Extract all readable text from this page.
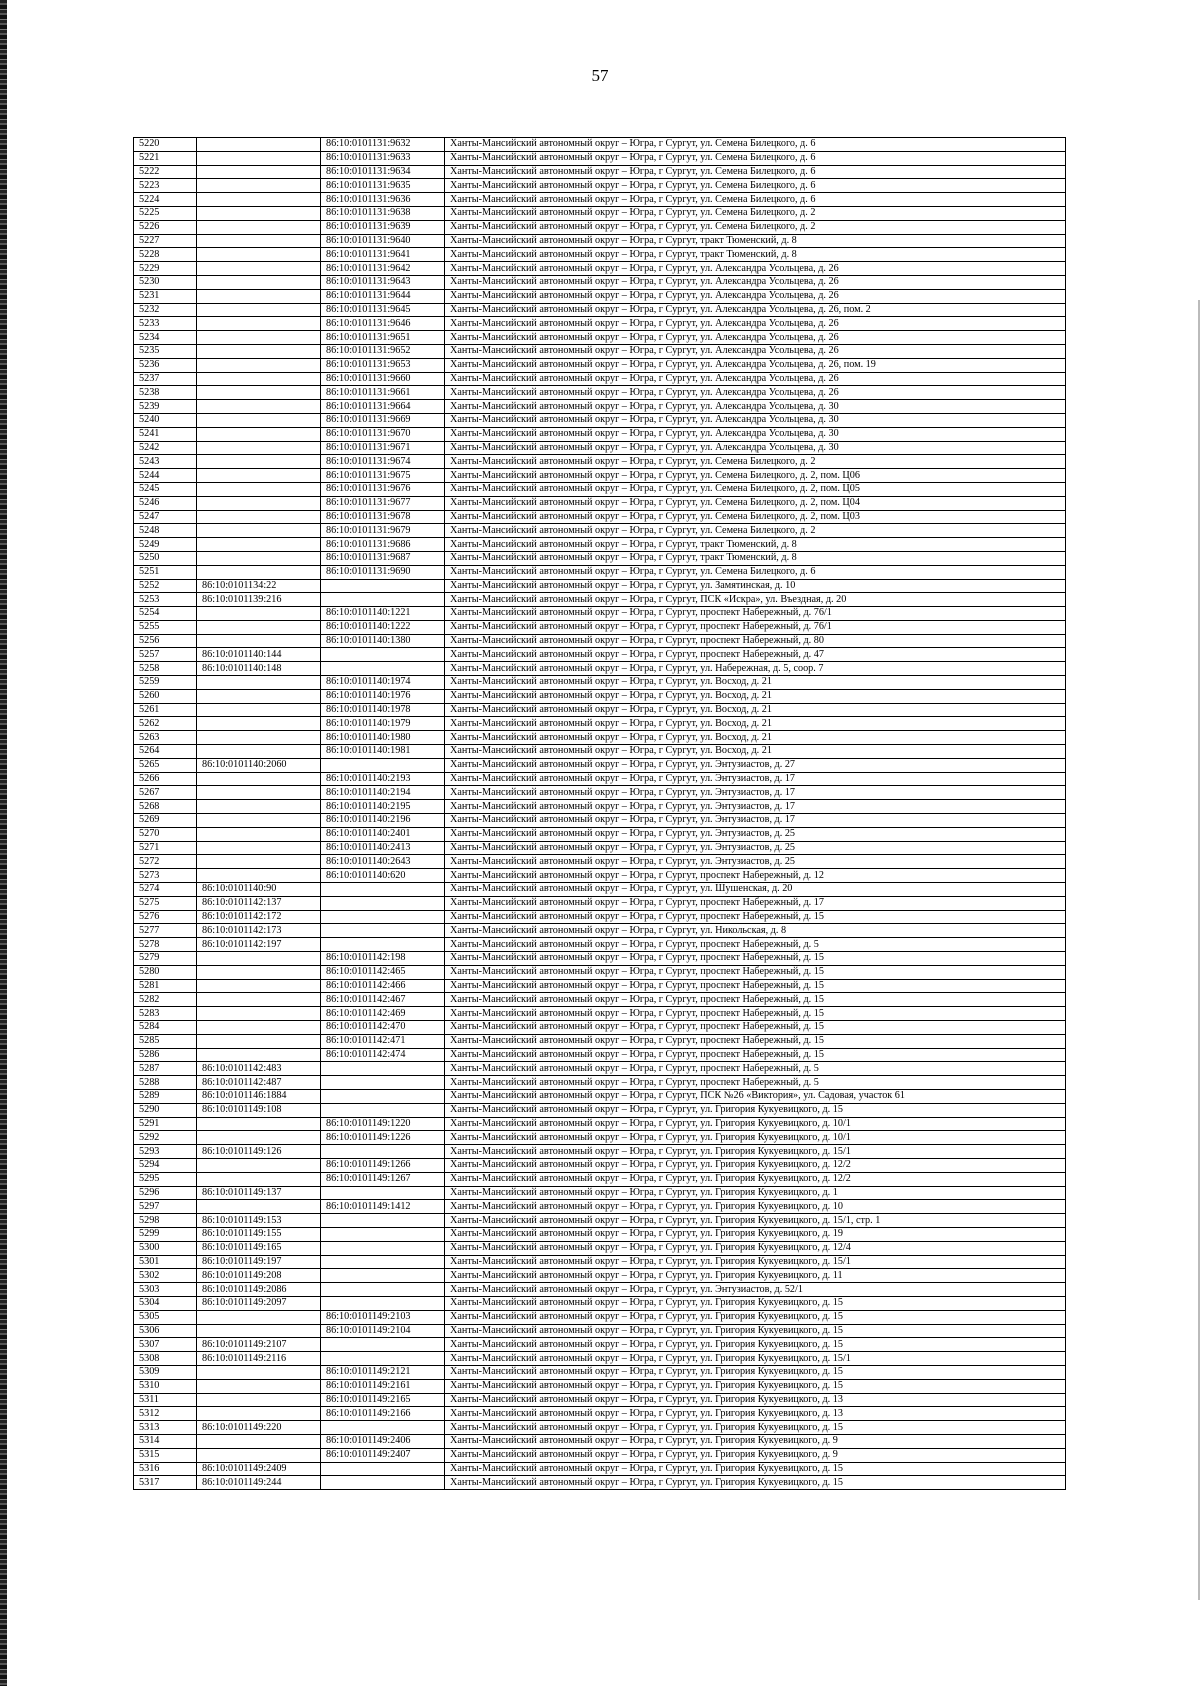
57
5220		86:10:0101131:9632	Ханты-Мансийский автономный округ – Югра, г Сургут, ул. Семена Билецкого, д. 6
5221		86:10:0101131:9633	Ханты-Мансийский автономный округ – Югра, г Сургут, ул. Семена Билецкого, д. 6
5222		86:10:0101131:9634	Ханты-Мансийский автономный округ – Югра, г Сургут, ул. Семена Билецкого, д. 6
5223		86:10:0101131:9635	Ханты-Мансийский автономный округ – Югра, г Сургут, ул. Семена Билецкого, д. 6
5224		86:10:0101131:9636	Ханты-Мансийский автономный округ – Югра, г Сургут, ул. Семена Билецкого, д. 6
5225		86:10:0101131:9638	Ханты-Мансийский автономный округ – Югра, г Сургут, ул. Семена Билецкого, д. 2
5226		86:10:0101131:9639	Ханты-Мансийский автономный округ – Югра, г Сургут, ул. Семена Билецкого, д. 2
5227		86:10:0101131:9640	Ханты-Мансийский автономный округ – Югра, г Сургут, тракт Тюменский, д. 8
5228		86:10:0101131:9641	Ханты-Мансийский автономный округ – Югра, г Сургут, тракт Тюменский, д. 8
5229		86:10:0101131:9642	Ханты-Мансийский автономный округ – Югра, г Сургут, ул. Александра Усольцева, д. 26
5230		86:10:0101131:9643	Ханты-Мансийский автономный округ – Югра, г Сургут, ул. Александра Усольцева, д. 26
5231		86:10:0101131:9644	Ханты-Мансийский автономный округ – Югра, г Сургут, ул. Александра Усольцева, д. 26
5232		86:10:0101131:9645	Ханты-Мансийский автономный округ – Югра, г Сургут, ул. Александра Усольцева, д. 26, пом. 2
5233		86:10:0101131:9646	Ханты-Мансийский автономный округ – Югра, г Сургут, ул. Александра Усольцева, д. 26
5234		86:10:0101131:9651	Ханты-Мансийский автономный округ – Югра, г Сургут, ул. Александра Усольцева, д. 26
5235		86:10:0101131:9652	Ханты-Мансийский автономный округ – Югра, г Сургут, ул. Александра Усольцева, д. 26
5236		86:10:0101131:9653	Ханты-Мансийский автономный округ – Югра, г Сургут, ул. Александра Усольцева, д. 26, пом. 19
5237		86:10:0101131:9660	Ханты-Мансийский автономный округ – Югра, г Сургут, ул. Александра Усольцева, д. 26
5238		86:10:0101131:9661	Ханты-Мансийский автономный округ – Югра, г Сургут, ул. Александра Усольцева, д. 26
5239		86:10:0101131:9664	Ханты-Мансийский автономный округ – Югра, г Сургут, ул. Александра Усольцева, д. 30
5240		86:10:0101131:9669	Ханты-Мансийский автономный округ – Югра, г Сургут, ул. Александра Усольцева, д. 30
5241		86:10:0101131:9670	Ханты-Мансийский автономный округ – Югра, г Сургут, ул. Александра Усольцева, д. 30
5242		86:10:0101131:9671	Ханты-Мансийский автономный округ – Югра, г Сургут, ул. Александра Усольцева, д. 30
5243		86:10:0101131:9674	Ханты-Мансийский автономный округ – Югра, г Сургут, ул. Семена Билецкого, д. 2
5244		86:10:0101131:9675	Ханты-Мансийский автономный округ – Югра, г Сургут, ул. Семена Билецкого, д. 2, пом. Ц06
5245		86:10:0101131:9676	Ханты-Мансийский автономный округ – Югра, г Сургут, ул. Семена Билецкого, д. 2, пом. Ц05
5246		86:10:0101131:9677	Ханты-Мансийский автономный округ – Югра, г Сургут, ул. Семена Билецкого, д. 2, пом. Ц04
5247		86:10:0101131:9678	Ханты-Мансийский автономный округ – Югра, г Сургут, ул. Семена Билецкого, д. 2, пом. Ц03
5248		86:10:0101131:9679	Ханты-Мансийский автономный округ – Югра, г Сургут, ул. Семена Билецкого, д. 2
5249		86:10:0101131:9686	Ханты-Мансийский автономный округ – Югра, г Сургут, тракт Тюменский, д. 8
5250		86:10:0101131:9687	Ханты-Мансийский автономный округ – Югра, г Сургут, тракт Тюменский, д. 8
5251		86:10:0101131:9690	Ханты-Мансийский автономный округ – Югра, г Сургут, ул. Семена Билецкого, д. 6
5252	86:10:0101134:22		Ханты-Мансийский автономный округ – Югра, г Сургут, ул. Замятинская, д. 10
5253	86:10:0101139:216		Ханты-Мансийский автономный округ – Югра, г Сургут, ПСК «Искра», ул. Въездная, д. 20
5254		86:10:0101140:1221	Ханты-Мансийский автономный округ – Югра, г Сургут, проспект Набережный, д. 76/1
5255		86:10:0101140:1222	Ханты-Мансийский автономный округ – Югра, г Сургут, проспект Набережный, д. 76/1
5256		86:10:0101140:1380	Ханты-Мансийский автономный округ – Югра, г Сургут, проспект Набережный, д. 80
5257	86:10:0101140:144		Ханты-Мансийский автономный округ – Югра, г Сургут, проспект Набережный, д. 47
5258	86:10:0101140:148		Ханты-Мансийский автономный округ – Югра, г Сургут, ул. Набережная, д. 5, соор. 7
5259		86:10:0101140:1974	Ханты-Мансийский автономный округ – Югра, г Сургут, ул. Восход, д. 21
5260		86:10:0101140:1976	Ханты-Мансийский автономный округ – Югра, г Сургут, ул. Восход, д. 21
5261		86:10:0101140:1978	Ханты-Мансийский автономный округ – Югра, г Сургут, ул. Восход, д. 21
5262		86:10:0101140:1979	Ханты-Мансийский автономный округ – Югра, г Сургут, ул. Восход, д. 21
5263		86:10:0101140:1980	Ханты-Мансийский автономный округ – Югра, г Сургут, ул. Восход, д. 21
5264		86:10:0101140:1981	Ханты-Мансийский автономный округ – Югра, г Сургут, ул. Восход, д. 21
5265	86:10:0101140:2060		Ханты-Мансийский автономный округ – Югра, г Сургут, ул. Энтузиастов, д. 27
5266		86:10:0101140:2193	Ханты-Мансийский автономный округ – Югра, г Сургут, ул. Энтузиастов, д. 17
5267		86:10:0101140:2194	Ханты-Мансийский автономный округ – Югра, г Сургут, ул. Энтузиастов, д. 17
5268		86:10:0101140:2195	Ханты-Мансийский автономный округ – Югра, г Сургут, ул. Энтузиастов, д. 17
5269		86:10:0101140:2196	Ханты-Мансийский автономный округ – Югра, г Сургут, ул. Энтузиастов, д. 17
5270		86:10:0101140:2401	Ханты-Мансийский автономный округ – Югра, г Сургут, ул. Энтузиастов, д. 25
5271		86:10:0101140:2413	Ханты-Мансийский автономный округ – Югра, г Сургут, ул. Энтузиастов, д. 25
5272		86:10:0101140:2643	Ханты-Мансийский автономный округ – Югра, г Сургут, ул. Энтузиастов, д. 25
5273		86:10:0101140:620	Ханты-Мансийский автономный округ – Югра, г Сургут, проспект Набережный, д. 12
5274	86:10:0101140:90		Ханты-Мансийский автономный округ – Югра, г Сургут, ул. Шушенская, д. 20
5275	86:10:0101142:137		Ханты-Мансийский автономный округ – Югра, г Сургут, проспект Набережный, д. 17
5276	86:10:0101142:172		Ханты-Мансийский автономный округ – Югра, г Сургут, проспект Набережный, д. 15
5277	86:10:0101142:173		Ханты-Мансийский автономный округ – Югра, г Сургут, ул. Никольская, д. 8
5278	86:10:0101142:197		Ханты-Мансийский автономный округ – Югра, г Сургут, проспект Набережный, д. 5
5279		86:10:0101142:198	Ханты-Мансийский автономный округ – Югра, г Сургут, проспект Набережный, д. 15
5280		86:10:0101142:465	Ханты-Мансийский автономный округ – Югра, г Сургут, проспект Набережный, д. 15
5281		86:10:0101142:466	Ханты-Мансийский автономный округ – Югра, г Сургут, проспект Набережный, д. 15
5282		86:10:0101142:467	Ханты-Мансийский автономный округ – Югра, г Сургут, проспект Набережный, д. 15
5283		86:10:0101142:469	Ханты-Мансийский автономный округ – Югра, г Сургут, проспект Набережный, д. 15
5284		86:10:0101142:470	Ханты-Мансийский автономный округ – Югра, г Сургут, проспект Набережный, д. 15
5285		86:10:0101142:471	Ханты-Мансийский автономный округ – Югра, г Сургут, проспект Набережный, д. 15
5286		86:10:0101142:474	Ханты-Мансийский автономный округ – Югра, г Сургут, проспект Набережный, д. 15
5287	86:10:0101142:483		Ханты-Мансийский автономный округ – Югра, г Сургут, проспект Набережный, д. 5
5288	86:10:0101142:487		Ханты-Мансийский автономный округ – Югра, г Сургут, проспект Набережный, д. 5
5289	86:10:0101146:1884		Ханты-Мансийский автономный округ – Югра, г Сургут, ПСК №26 «Виктория», ул. Садовая, участок 61
5290	86:10:0101149:108		Ханты-Мансийский автономный округ – Югра, г Сургут, ул. Григория Кукуевицкого, д. 15
5291		86:10:0101149:1220	Ханты-Мансийский автономный округ – Югра, г Сургут, ул. Григория Кукуевицкого, д. 10/1
5292		86:10:0101149:1226	Ханты-Мансийский автономный округ – Югра, г Сургут, ул. Григория Кукуевицкого, д. 10/1
5293	86:10:0101149:126		Ханты-Мансийский автономный округ – Югра, г Сургут, ул. Григория Кукуевицкого, д. 15/1
5294		86:10:0101149:1266	Ханты-Мансийский автономный округ – Югра, г Сургут, ул. Григория Кукуевицкого, д. 12/2
5295		86:10:0101149:1267	Ханты-Мансийский автономный округ – Югра, г Сургут, ул. Григория Кукуевицкого, д. 12/2
5296	86:10:0101149:137		Ханты-Мансийский автономный округ – Югра, г Сургут, ул. Григория Кукуевицкого, д. 1
5297		86:10:0101149:1412	Ханты-Мансийский автономный округ – Югра, г Сургут, ул. Григория Кукуевицкого, д. 10
5298	86:10:0101149:153		Ханты-Мансийский автономный округ – Югра, г Сургут, ул. Григория Кукуевицкого, д. 15/1, стр. 1
5299	86:10:0101149:155		Ханты-Мансийский автономный округ – Югра, г Сургут, ул. Григория Кукуевицкого, д. 19
5300	86:10:0101149:165		Ханты-Мансийский автономный округ – Югра, г Сургут, ул. Григория Кукуевицкого, д. 12/4
5301	86:10:0101149:197		Ханты-Мансийский автономный округ – Югра, г Сургут, ул. Григория Кукуевицкого, д. 15/1
5302	86:10:0101149:208		Ханты-Мансийский автономный округ – Югра, г Сургут, ул. Григория Кукуевицкого, д. 11
5303	86:10:0101149:2086		Ханты-Мансийский автономный округ – Югра, г Сургут, ул. Энтузиастов, д. 52/1
5304	86:10:0101149:2097		Ханты-Мансийский автономный округ – Югра, г Сургут, ул. Григория Кукуевицкого, д. 15
5305		86:10:0101149:2103	Ханты-Мансийский автономный округ – Югра, г Сургут, ул. Григория Кукуевицкого, д. 15
5306		86:10:0101149:2104	Ханты-Мансийский автономный округ – Югра, г Сургут, ул. Григория Кукуевицкого, д. 15
5307	86:10:0101149:2107		Ханты-Мансийский автономный округ – Югра, г Сургут, ул. Григория Кукуевицкого, д. 15
5308	86:10:0101149:2116		Ханты-Мансийский автономный округ – Югра, г Сургут, ул. Григория Кукуевицкого, д. 15/1
5309		86:10:0101149:2121	Ханты-Мансийский автономный округ – Югра, г Сургут, ул. Григория Кукуевицкого, д. 15
5310		86:10:0101149:2161	Ханты-Мансийский автономный округ – Югра, г Сургут, ул. Григория Кукуевицкого, д. 15
5311		86:10:0101149:2165	Ханты-Мансийский автономный округ – Югра, г Сургут, ул. Григория Кукуевицкого, д. 13
5312		86:10:0101149:2166	Ханты-Мансийский автономный округ – Югра, г Сургут, ул. Григория Кукуевицкого, д. 13
5313	86:10:0101149:220		Ханты-Мансийский автономный округ – Югра, г Сургут, ул. Григория Кукуевицкого, д. 15
5314		86:10:0101149:2406	Ханты-Мансийский автономный округ – Югра, г Сургут, ул. Григория Кукуевицкого, д. 9
5315		86:10:0101149:2407	Ханты-Мансийский автономный округ – Югра, г Сургут, ул. Григория Кукуевицкого, д. 9
5316	86:10:0101149:2409		Ханты-Мансийский автономный округ – Югра, г Сургут, ул. Григория Кукуевицкого, д. 15
5317	86:10:0101149:244		Ханты-Мансийский автономный округ – Югра, г Сургут, ул. Григория Кукуевицкого, д. 15
